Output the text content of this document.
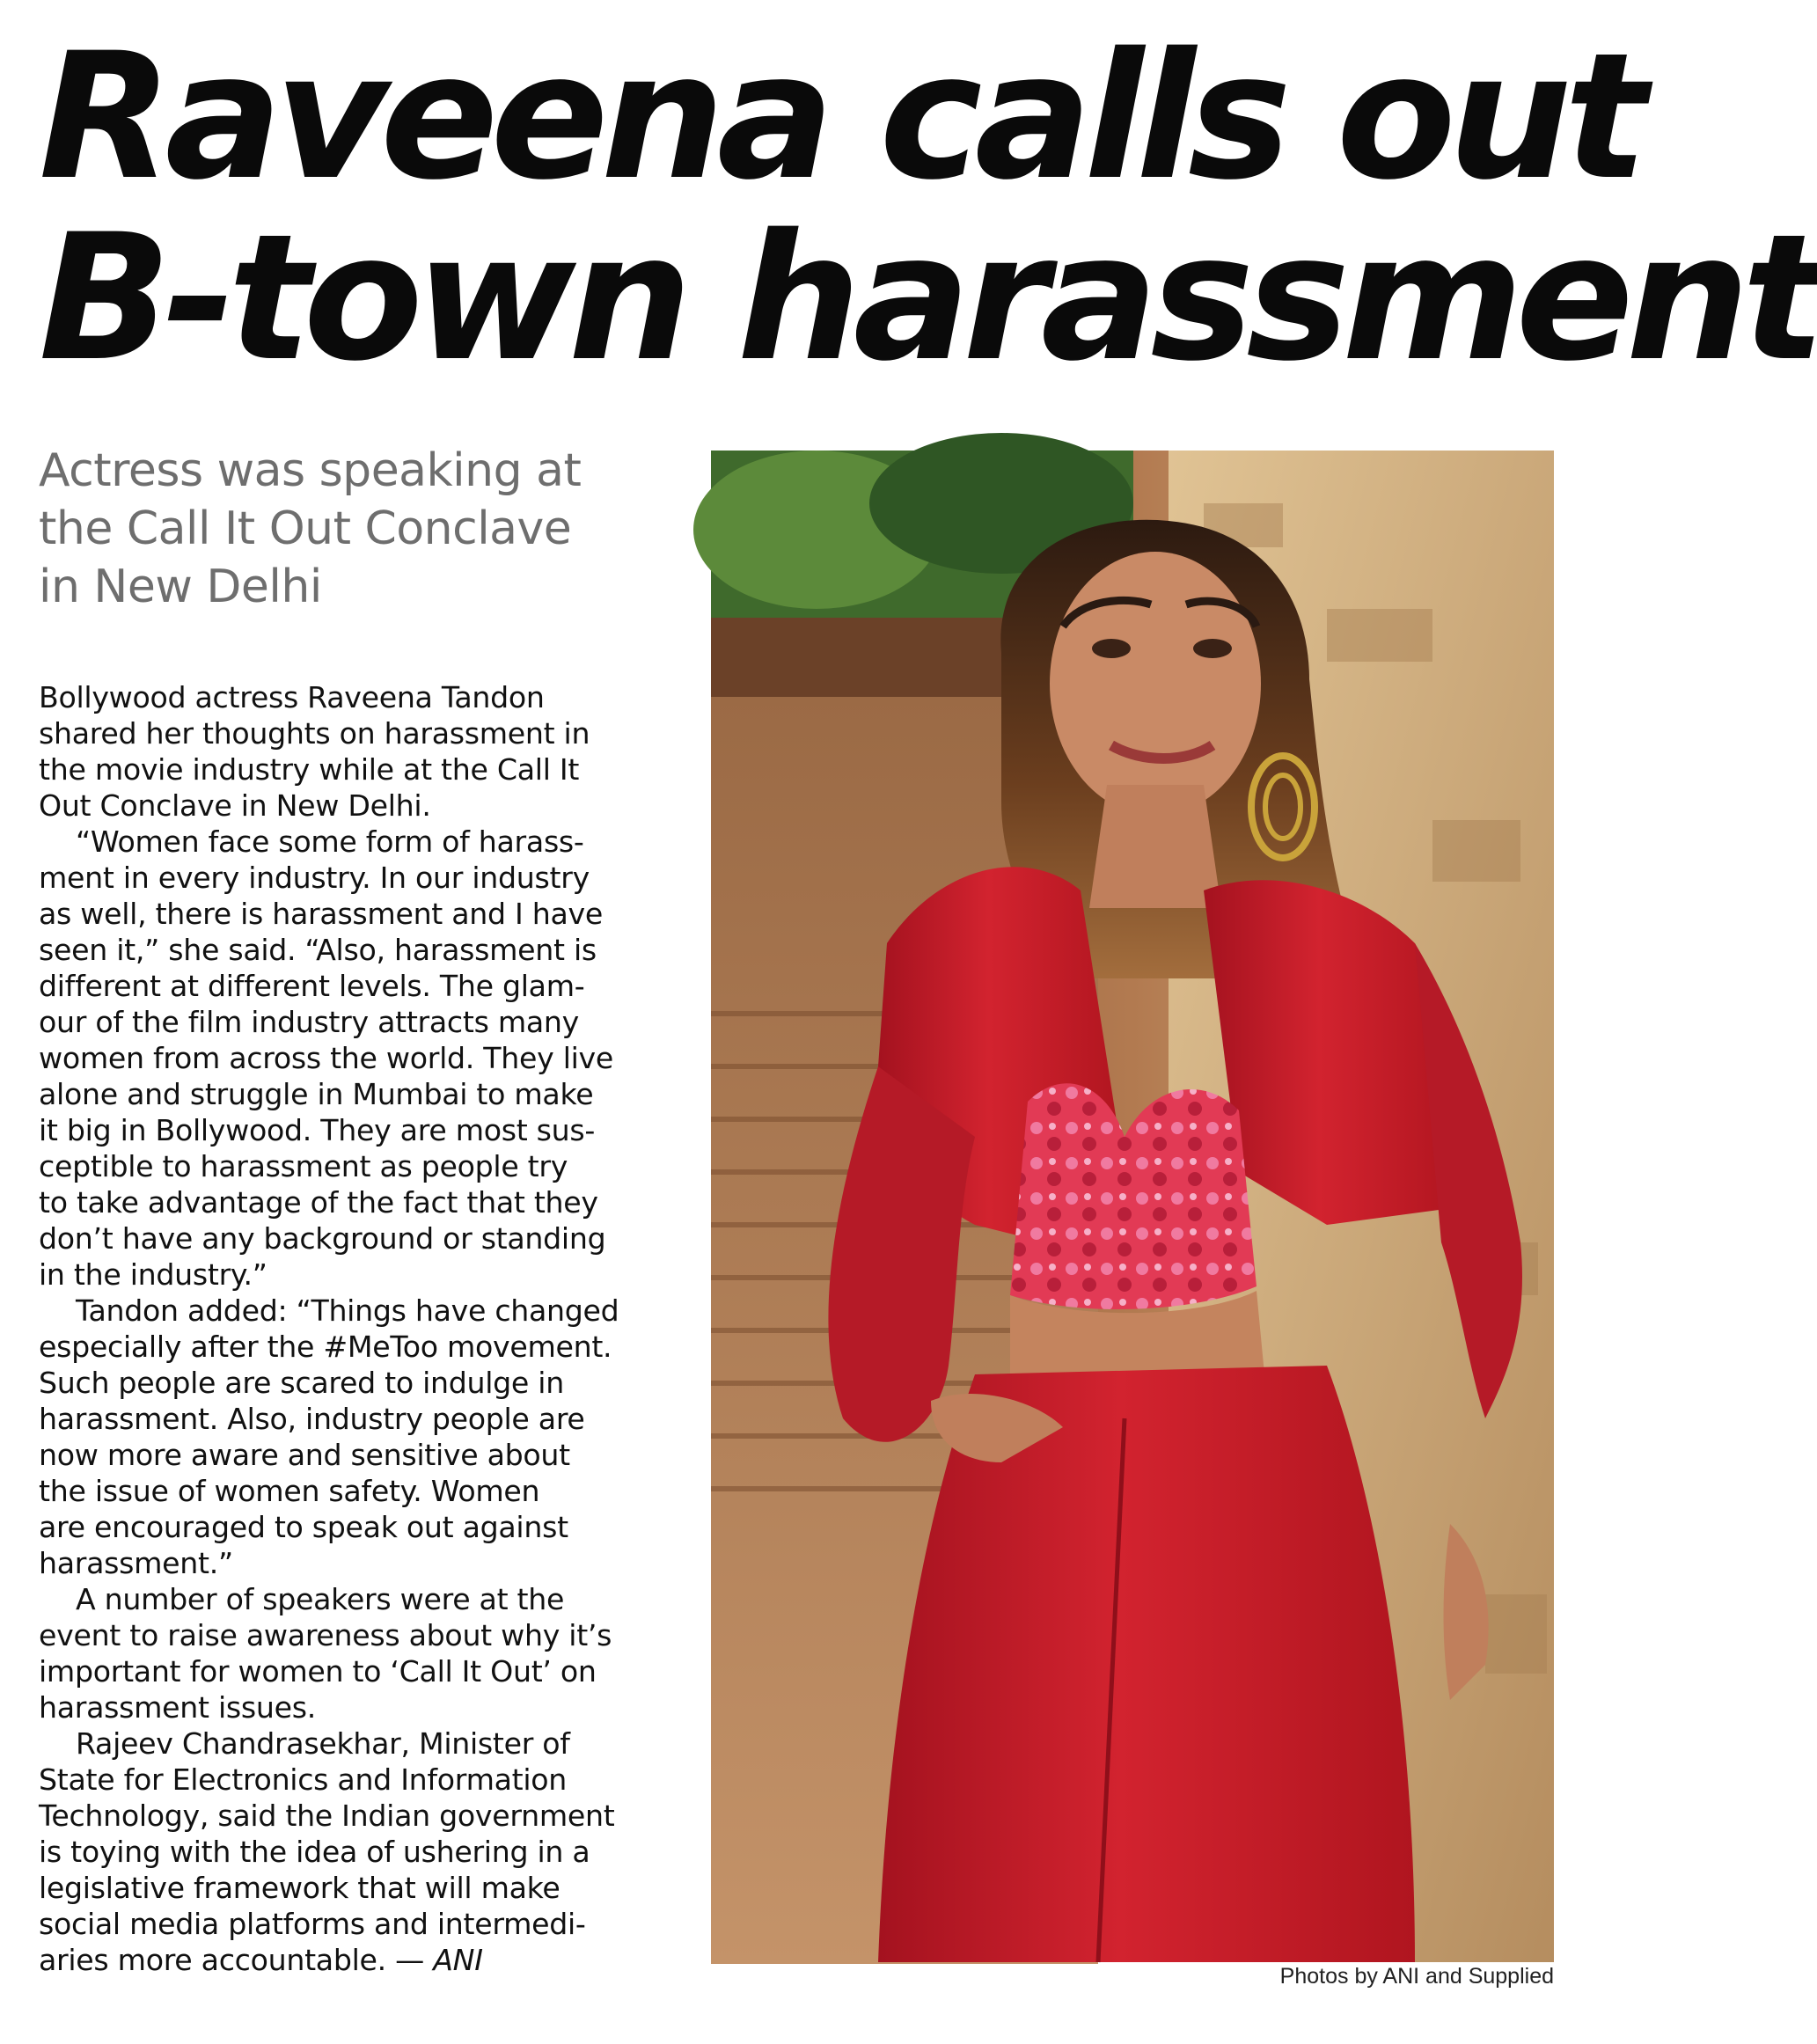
Raveena calls out
B-town harassment
Actress was speaking at
the Call It Out Conclave
in New Delhi
Bollywood actress Raveena Tandon
shared her thoughts on harassment in
the movie industry while at the Call It
Out Conclave in New Delhi.
“Women face some form of harass-
ment in every industry. In our industry
as well, there is harassment and I have
seen it,” she said. “Also, harassment is
different at different levels. The glam-
our of the film industry attracts many
women from across the world. They live
alone and struggle in Mumbai to make
it big in Bollywood. They are most sus-
ceptible to harassment as people try
to take advantage of the fact that they
don’t have any background or standing
in the industry.”
Tandon added: “Things have changed
especially after the #MeToo movement.
Such people are scared to indulge in
harassment. Also, industry people are
now more aware and sensitive about
the issue of women safety. Women
are encouraged to speak out against
harassment.”
A number of speakers were at the
event to raise awareness about why it’s
important for women to ‘Call It Out’ on
harassment issues.
Rajeev Chandrasekhar, Minister of
State for Electronics and Information
Technology, said the Indian government
is toying with the idea of ushering in a
legislative framework that will make
social media platforms and intermedi-
aries more accountable. — ANI	Photos by ANI and Supplied
